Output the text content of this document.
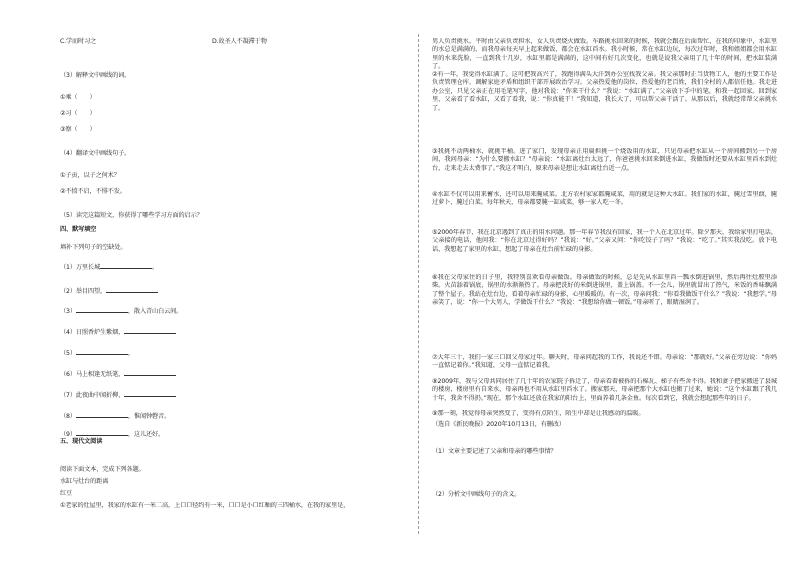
C.学而时习之	D.故圣人不凝滞于物
（3）解释文中画线的词。
①乘（　　）
②习（　　）
③察（　　）
（4）翻译文中画线句子。
①子贡，以子之何术？
②不愤不启，不悱不发。
（5）读完这篇短文，你获得了哪些学习方面的启示？
四、默写填空
填补下列句子的空缺处。
（1）万里长城	。
（2）举目四望，
（3）	，散入青山白云间。
（4）日照香炉生紫烟，
（5）	，
（6）马上相逢无纸笔，
（7）此夜曲中闻折柳，
（8）	，惟闻钟磬音。
（9）	，这儿还好。
五、现代文阅读
阅读下面文本，完成下列各题。
水缸与灶台的距离
红豆
①老家的灶屋里，我家的水缸有一米二高，上口口径约有一米，口口是小口红釉的三四桶水，在我的家里是，
男人负责挑水，平时由父亲负责担水，女人负责烧火做饭。车路挑水回来的时候，我就会跟在后面帮忙，在我的印象中，水缸里的水总是满满的，而我母亲每天早上起来做饭，都会在水缸舀水。我小时候，常在水缸边玩，每次过年时，我和姐姐都会用水缸里的水来洗脸，一直到我十几岁，水缸里都是满满的，这中间有好几次变化，也就是说我父亲用了几十年的时间，把水缸装满了。
②有一年，我觉得水缸满了。这可把我高兴了，我跑得满头大汗到办公室找我父亲。我父亲那时正当货物工人，他的主要工作是负责管理仓库，调解家庭矛盾和组织干部开展政治学习。父亲热爱他的岗位，热爱他的老百姓，我们全村的人都信任他。我走进办公室，只见父亲正在用毛笔写字，他对我说：“你来干什么？”我说：“水缸满了。”父亲放下手中的笔，和我一起回家。回到家里，父亲看了看水缸，又看了看我，说：“你真能干！”我知道，我长大了，可以帮父亲干活了。从那以后，我就经常帮父亲挑水了。
③我挑不动两桶水，就挑半桶。进了家门，发现母亲正用扁担挑一个烧饭用的水缸，只见母亲把水缸从一个房间搬到另一个房间，我问母亲：“为什么要搬水缸？”母亲说：“水缸离灶台太远了，你爸爸挑水回来倒进水缸，我做饭时还要从水缸里舀水到灶台，走来走去太费事了。”我这才明白，原来母亲是想让水缸离灶台近一点。
④水缸不仅可以用来蓄水，还可以用来腌咸菜。北方农村家家都腌咸菜，用的就是这种大水缸。我们家的水缸，腌过雪里蕻，腌过萝卜，腌过白菜。每年秋天，母亲都要腌一缸咸菜，够一家人吃一冬。
⑤2000年春节，我在北京遇到了真正的用水问题。那一年春节我没有回家，我一个人在北京过年。除夕那天，我给家里打电话，父亲接的电话，他问我：“你在北京过得好吗？”我说：“好。”父亲又问：“你吃饺子了吗？”我说：“吃了。”其实我没吃。放下电话，我想起了家里的水缸，想起了母亲在灶台前忙碌的身影。
⑥我在父母家住的日子里，我特别喜欢看母亲做饭。母亲做饭的时候，总是先从水缸里舀一瓢水倒进锅里，然后再往灶膛里添柴。火苗舔着锅底，锅里的水渐渐热了。母亲把洗好的米倒进锅里，盖上锅盖。不一会儿，锅里就冒出了热气，米饭的香味飘满了整个屋子。我站在灶台边，看着母亲忙碌的身影，心里暖暖的。有一次，母亲问我：“你看我做饭干什么？”我说：“我想学。”母亲笑了，说：“你一个大男人，学做饭干什么？”我说：“我想给你做一顿饭。”母亲听了，眼睛湿润了。
⑦大年三十，我们一家三口回父母家过年。聊天时，母亲问起我的工作，我说还不错。母亲说：“那就好。”父亲在旁边说：“你妈一直惦记着你。”我知道，父母一直惦记着我。
⑧2009年，我与父母共同居住了几十年的农家院子拆迁了，母亲看着被拆的石棉瓦、梯子有些舍不得。我和妻子把家搬进了县城的楼房，楼房里有自来水，母亲再也不用从水缸里舀水了。搬家那天，母亲把那个大水缸也搬了过来，她说：“这个水缸跟了我几十年，我舍不得扔。”现在，那个水缸还放在我家的阳台上，里面养着几条金鱼。每次看到它，我就会想起那些年的日子。
⑨那一刻，我觉得母亲突然变了，变得有点陌生，陌生中却是让我感动的温暖。
（选自《新民晚报》2020年10月13日，有删改）
（1）文章主要记述了父亲和母亲的哪些事情？
（2）分析文中画线句子的含义。
